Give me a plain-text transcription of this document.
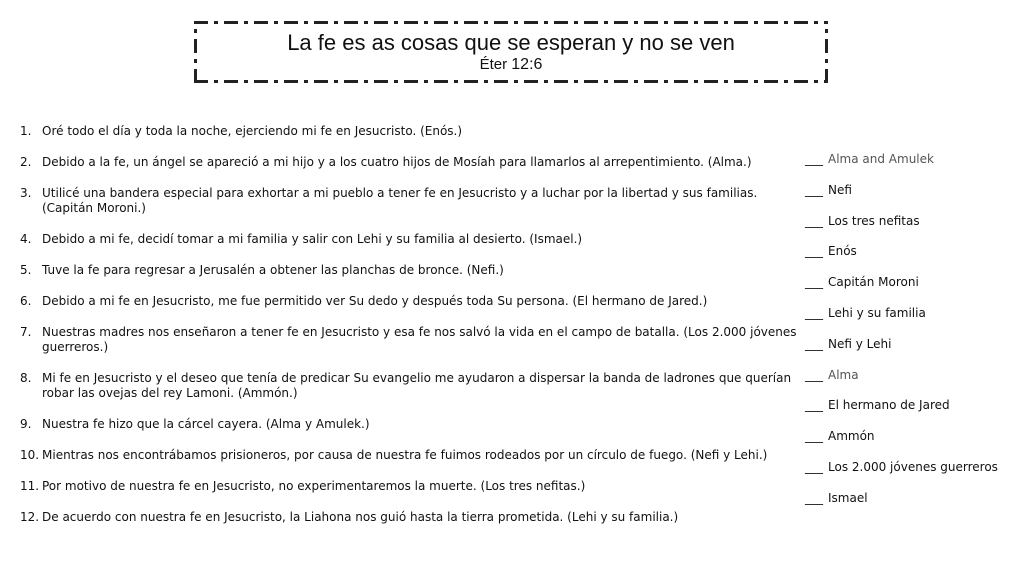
La fe es as cosas que se esperan y no se ven
Éter 12:6
1. Oré todo el día y toda la noche, ejerciendo mi fe en Jesucristo. (Enós.)
2. Debido a la fe, un ángel se apareció a mi hijo y a los cuatro hijos de Mosíah para llamarlos al arrepentimiento. (Alma.)
3. Utilicé una bandera especial para exhortar a mi pueblo a tener fe en Jesucristo y a luchar por la libertad y sus familias. (Capitán Moroni.)
4. Debido a mi fe, decidí tomar a mi familia y salir con Lehi y su familia al desierto. (Ismael.)
5. Tuve la fe para regresar a Jerusalén a obtener las planchas de bronce. (Nefi.)
6. Debido a mi fe en Jesucristo, me fue permitido ver Su dedo y después toda Su persona. (El hermano de Jared.)
7. Nuestras madres nos enseñaron a tener fe en Jesucristo y esa fe nos salvó la vida en el campo de batalla. (Los 2.000 jóvenes guerreros.)
8. Mi fe en Jesucristo y el deseo que tenía de predicar Su evangelio me ayudaron a dispersar la banda de ladrones que querían robar las ovejas del rey Lamoni. (Ammón.)
9. Nuestra fe hizo que la cárcel cayera. (Alma y Amulek.)
10. Mientras nos encontrábamos prisioneros, por causa de nuestra fe fuimos rodeados por un círculo de fuego. (Nefi y Lehi.)
11. Por motivo de nuestra fe en Jesucristo, no experimentaremos la muerte. (Los tres nefitas.)
12. De acuerdo con nuestra fe en Jesucristo, la Liahona nos guió hasta la tierra prometida. (Lehi y su familia.)
___ Alma and Amulek
___ Nefi
___ Los tres nefitas
___ Enós
___ Capitán Moroni
___ Lehi y su familia
___ Nefi y Lehi
___ Alma
___ El hermano de Jared
___ Ammón
___ Los 2.000 jóvenes guerreros
___ Ismael
